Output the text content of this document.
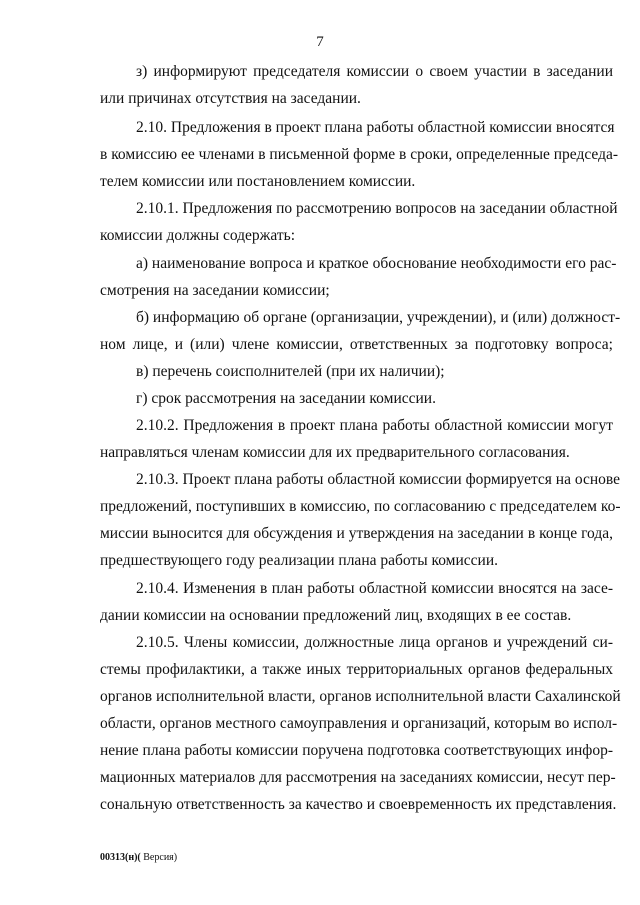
7
з) информируют председателя комиссии о своем участии в заседании
или причинах отсутствия на заседании.
2.10. Предложения в проект плана работы областной комиссии вносятся
в комиссию ее членами в письменной форме в сроки, определенные председа-
телем комиссии или постановлением комиссии.
2.10.1. Предложения по рассмотрению вопросов на заседании областной
комиссии должны содержать:
а) наименование вопроса и краткое обоснование необходимости его рас-
смотрения на заседании комиссии;
б) информацию об органе (организации, учреждении), и (или) должност-
ном лице, и (или) члене комиссии, ответственных за подготовку вопроса;
в) перечень соисполнителей (при их наличии);
г) срок рассмотрения на заседании комиссии.
2.10.2. Предложения в проект плана работы областной комиссии могут
направляться членам комиссии для их предварительного согласования.
2.10.3. Проект плана работы областной комиссии формируется на основе
предложений, поступивших в комиссию, по согласованию с председателем ко-
миссии выносится для обсуждения и утверждения на заседании в конце года,
предшествующего году реализации плана работы комиссии.
2.10.4. Изменения в план работы областной комиссии вносятся на засе-
дании комиссии на основании предложений лиц, входящих в ее состав.
2.10.5. Члены комиссии, должностные лица органов и учреждений си-
стемы профилактики, а также иных территориальных органов федеральных
органов исполнительной власти, органов исполнительной власти Сахалинской
области, органов местного самоуправления и организаций, которым во испол-
нение плана работы комиссии поручена подготовка соответствующих инфор-
мационных материалов для рассмотрения на заседаниях комиссии, несут пер-
сональную ответственность за качество и своевременность их представления.
00313(н)( Версия)
